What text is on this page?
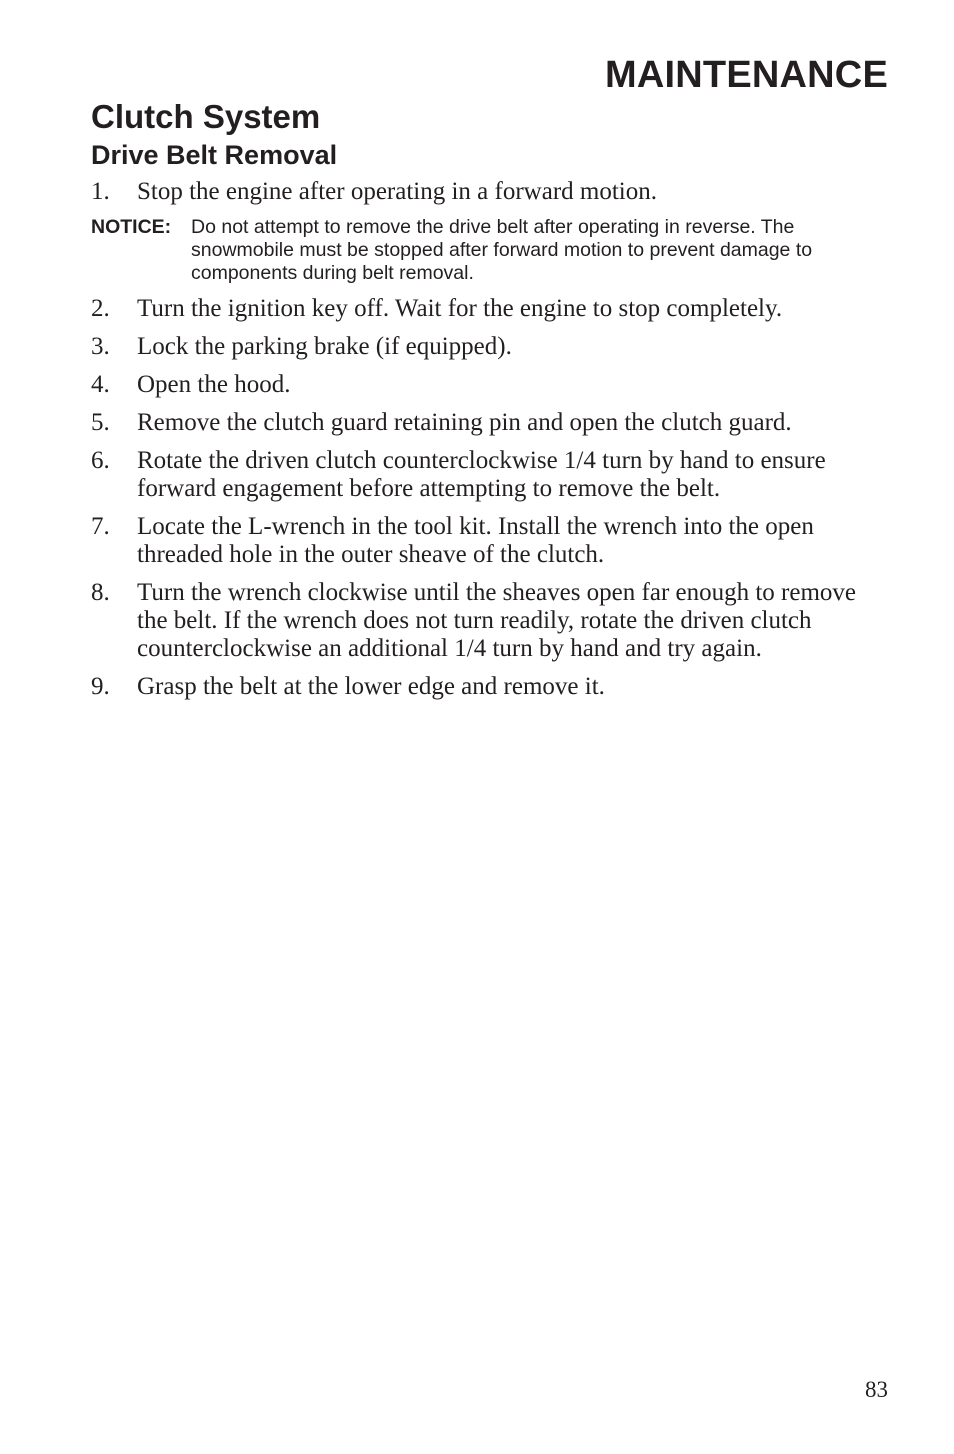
MAINTENANCE
Clutch System
Drive Belt Removal
1. Stop the engine after operating in a forward motion.
NOTICE: Do not attempt to remove the drive belt after operating in reverse. The snowmobile must be stopped after forward motion to prevent damage to components during belt removal.
2. Turn the ignition key off. Wait for the engine to stop completely.
3. Lock the parking brake (if equipped).
4. Open the hood.
5. Remove the clutch guard retaining pin and open the clutch guard.
6. Rotate the driven clutch counterclockwise 1/4 turn by hand to ensure forward engagement before attempting to remove the belt.
7. Locate the L-wrench in the tool kit. Install the wrench into the open threaded hole in the outer sheave of the clutch.
8. Turn the wrench clockwise until the sheaves open far enough to remove the belt. If the wrench does not turn readily, rotate the driven clutch counterclockwise an additional 1/4 turn by hand and try again.
9. Grasp the belt at the lower edge and remove it.
83
